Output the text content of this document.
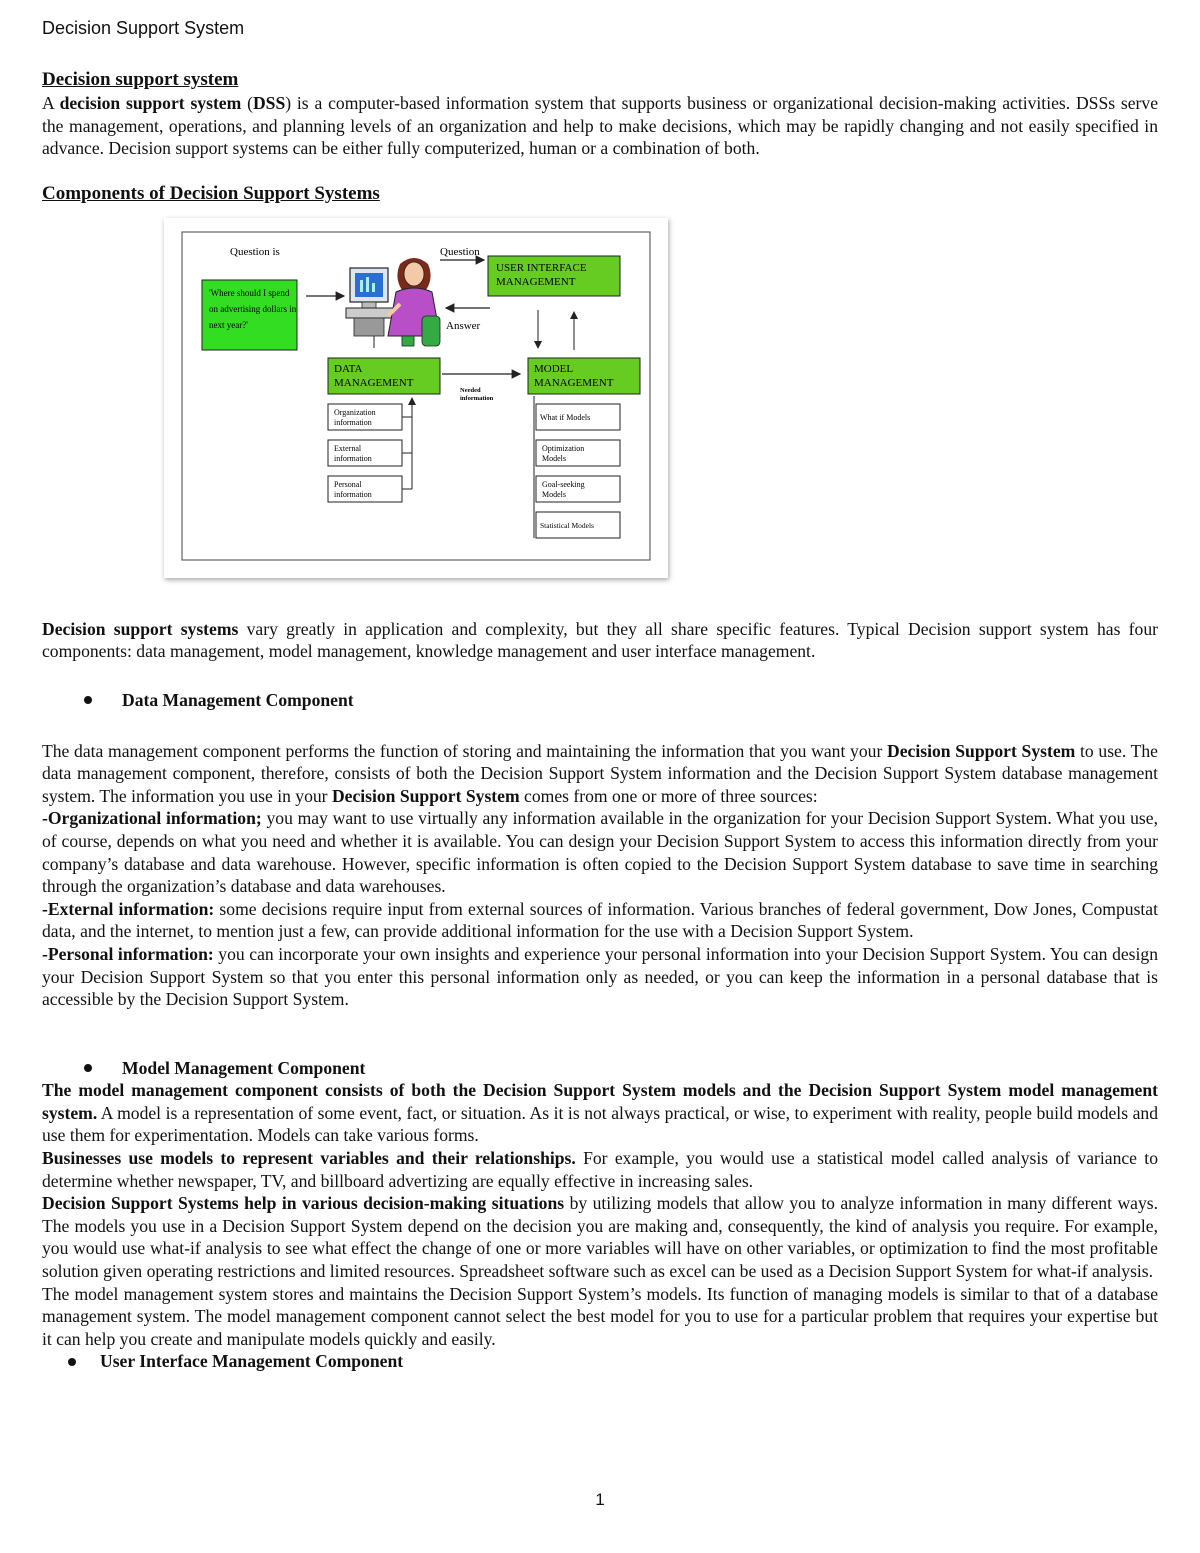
Decision Support System

Decision support system

A decision support system (DSS) is a computer-based information system that supports business or organizational decision-making activities. DSSs serve the management, operations, and planning levels of an organization and help to make decisions, which may be rapidly changing and not easily specified in advance. Decision support systems can be either fully computerized, human or a combination of both.

Components of Decision Support Systems

Question is	Question
'Where should I spend
on advertising dollars in
next year?'
USER INTERFACE
MANAGEMENT
Answer
DATA
MANAGEMENT
Needed
information
MODEL
MANAGEMENT
Organization
information
External
information
Personal
information
What if Models
Optimization
Models
Goal-seeking
Models
Statistical Models

Decision support systems vary greatly in application and complexity, but they all share specific features. Typical Decision support system has four components: data management, model management, knowledge management and user interface management.

Data Management Component

The data management component performs the function of storing and maintaining the information that you want your Decision Support System to use. The data management component, therefore, consists of both the Decision Support System information and the Decision Support System database management system. The information you use in your Decision Support System comes from one or more of three sources:

-Organizational information; you may want to use virtually any information available in the organization for your Decision Support System. What you use, of course, depends on what you need and whether it is available. You can design your Decision Support System to access this information directly from your company’s database and data warehouse. However, specific information is often copied to the Decision Support System database to save time in searching through the organization’s database and data warehouses.

-External information: some decisions require input from external sources of information. Various branches of federal government, Dow Jones, Compustat data, and the internet, to mention just a few, can provide additional information for the use with a Decision Support System.

-Personal information: you can incorporate your own insights and experience your personal information into your Decision Support System. You can design your Decision Support System so that you enter this personal information only as needed, or you can keep the information in a personal database that is accessible by the Decision Support System.

Model Management Component

The model management component consists of both the Decision Support System models and the Decision Support System model management system. A model is a representation of some event, fact, or situation. As it is not always practical, or wise, to experiment with reality, people build models and use them for experimentation. Models can take various forms.

Businesses use models to represent variables and their relationships. For example, you would use a statistical model called analysis of variance to determine whether newspaper, TV, and billboard advertizing are equally effective in increasing sales.

Decision Support Systems help in various decision-making situations by utilizing models that allow you to analyze information in many different ways. The models you use in a Decision Support System depend on the decision you are making and, consequently, the kind of analysis you require. For example, you would use what-if analysis to see what effect the change of one or more variables will have on other variables, or optimization to find the most profitable solution given operating restrictions and limited resources. Spreadsheet software such as excel can be used as a Decision Support System for what-if analysis.

The model management system stores and maintains the Decision Support System’s models. Its function of managing models is similar to that of a database management system. The model management component cannot select the best model for you to use for a particular problem that requires your expertise but it can help you create and manipulate models quickly and easily.

User Interface Management Component

1
